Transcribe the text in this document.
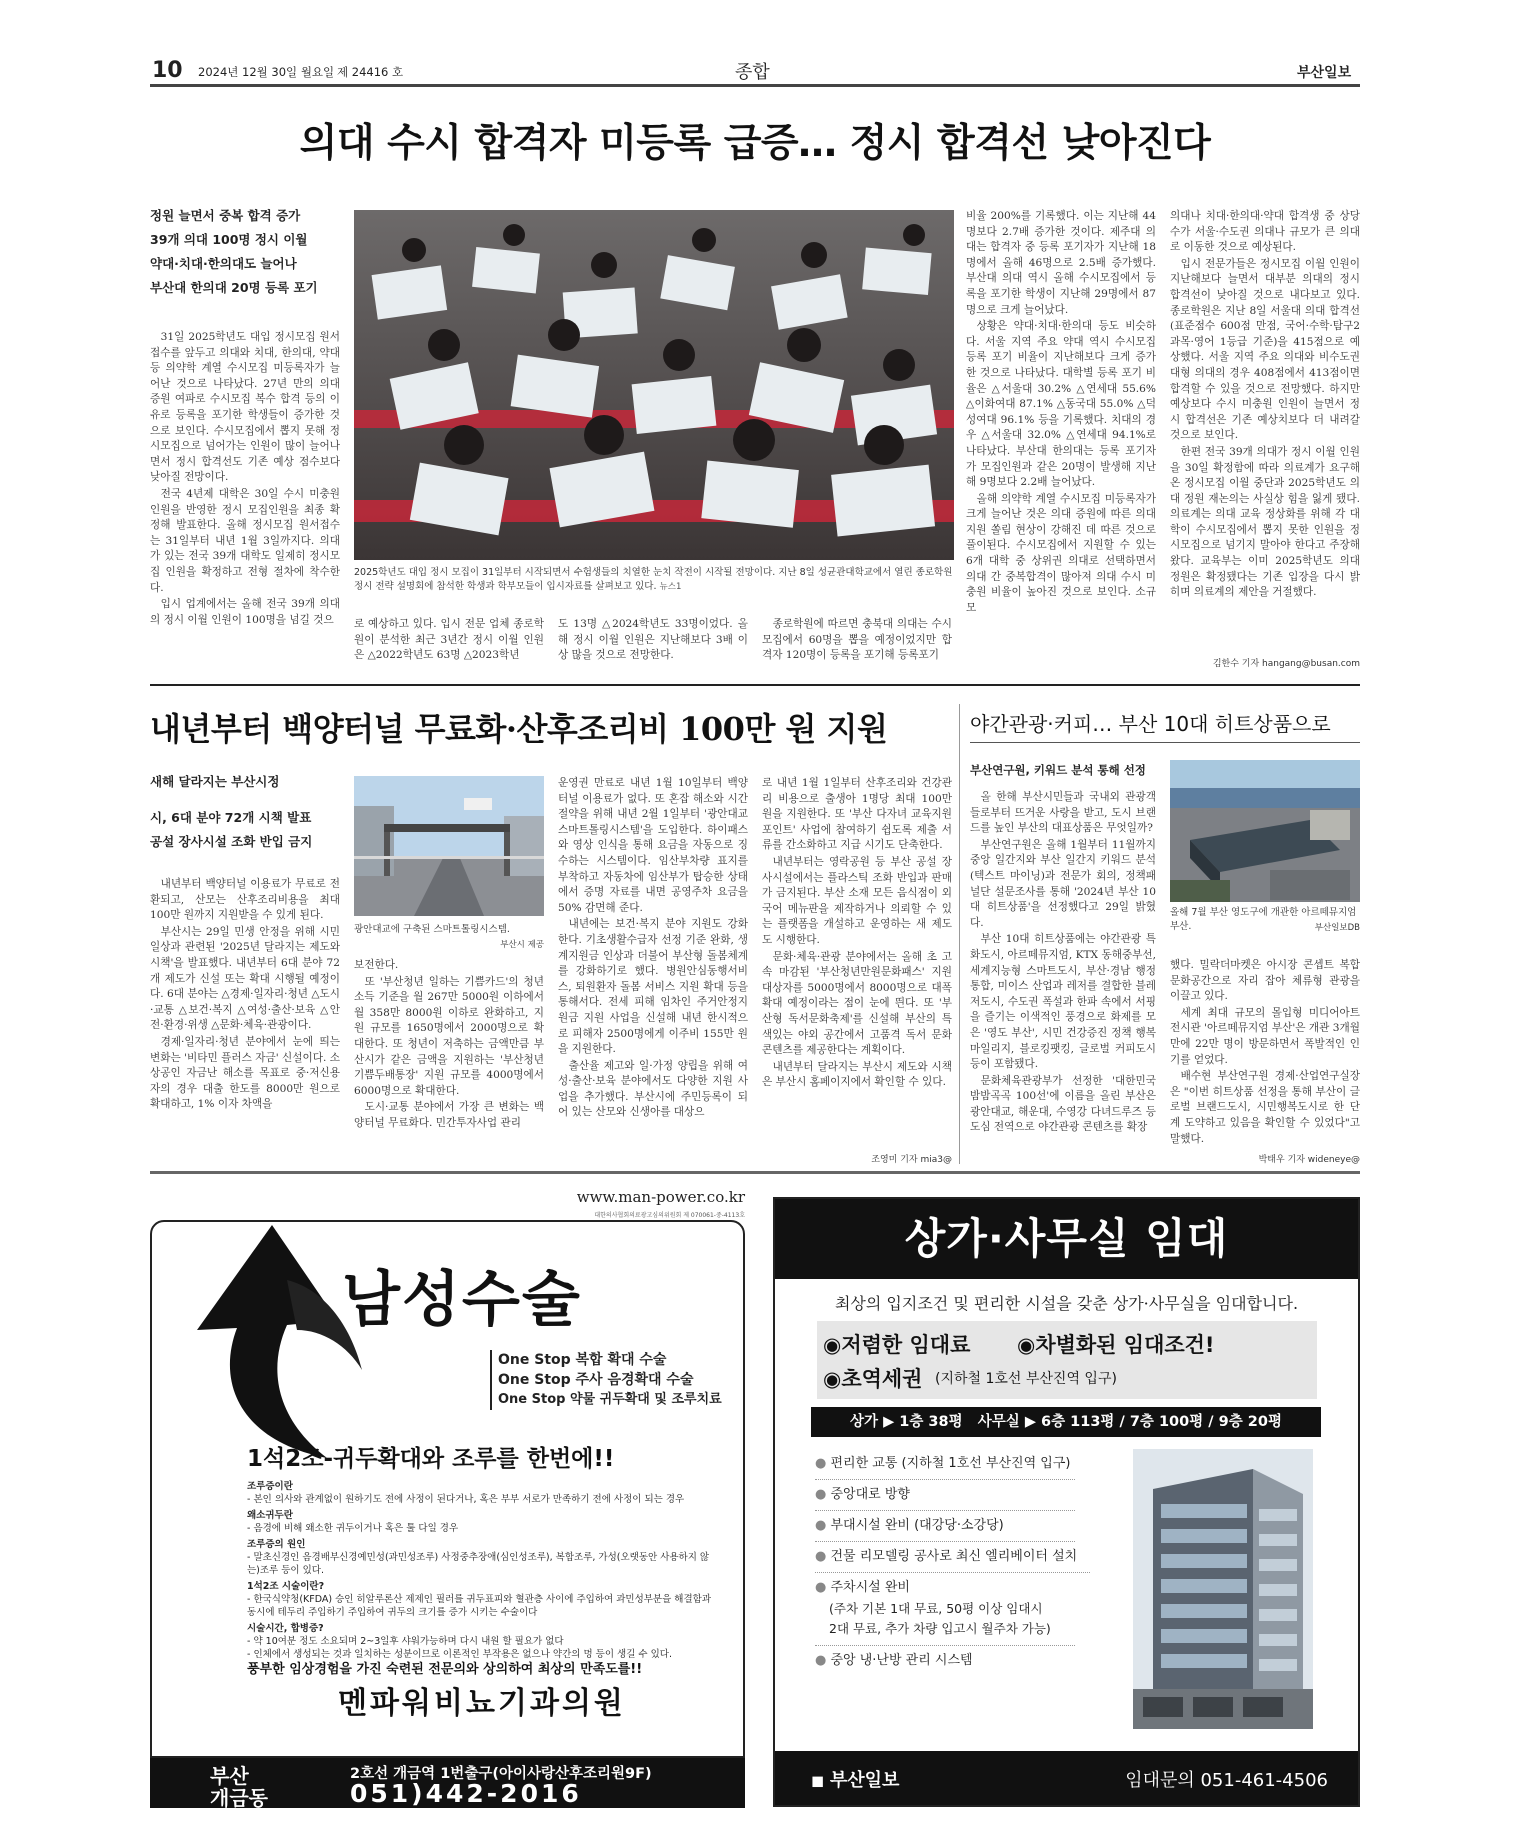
10 2024년 12월 30일 월요일 제 24416 호	종합	부산일보
의대 수시 합격자 미등록 급증… 정시 합격선 낮아진다
정원 늘면서 중복 합격 증가
39개 의대 100명 정시 이월
약대·치대·한의대도 늘어나
부산대 한의대 20명 등록 포기

31일 2025학년도 대입 정시모집 원서 접수를 앞두고 의대와 치대, 한의대, 약대 등 의약학 계열 수시모집 미등록자가 늘어난 것으로 나타났다. 27년 만의 의대 증원 여파로 수시모집 복수 합격 등의 이유로 등록을 포기한 학생들이 증가한 것으로 보인다. 수시모집에서 뽑지 못해 정시모집으로 넘어가는 인원이 많이 늘어나면서 정시 합격선도 기존 예상 점수보다 낮아질 전망이다.

전국 4년제 대학은 30일 수시 미충원 인원을 반영한 정시 모집인원을 최종 확정해 발표한다. 올해 정시모집 원서접수는 31일부터 내년 1월 3일까지다. 의대가 있는 전국 39개 대학도 일제히 정시모집 인원을 확정하고 전형 절차에 착수한다.

입시 업계에서는 올해 전국 39개 의대의 정시 이월 인원이 100명을 넘길 것으

2025학년도 대입 정시 모집이 31일부터 시작되면서 수험생들의 치열한 눈치 작전이 시작될 전망이다. 지난 8일 성균관대학교에서 열린 종로학원 정시 전략 설명회에 참석한 학생과 학부모들이 입시자료를 살펴보고 있다. 뉴스1

로 예상하고 있다. 입시 전문 업체 종로학원이 분석한 최근 3년간 정시 이월 인원은 △2022학년도 63명 △2023학년

도 13명 △2024학년도 33명이었다. 올해 정시 이월 인원은 지난해보다 3배 이상 많을 것으로 전망한다.

종로학원에 따르면 충북대 의대는 수시모집에서 60명을 뽑을 예정이었지만 합격자 120명이 등록을 포기해 등록포기

비율 200%를 기록했다. 이는 지난해 44명보다 2.7배 증가한 것이다. 제주대 의대는 합격자 중 등록 포기자가 지난해 18명에서 올해 46명으로 2.5배 증가했다. 부산대 의대 역시 올해 수시모집에서 등록을 포기한 학생이 지난해 29명에서 87명으로 크게 늘어났다.

상황은 약대·치대·한의대 등도 비슷하다. 서울 지역 주요 약대 역시 수시모집 등록 포기 비율이 지난해보다 크게 증가한 것으로 나타났다. 대학별 등록 포기 비율은 △서울대 30.2% △연세대 55.6% △이화여대 87.1% △동국대 55.0% △덕성여대 96.1% 등을 기록했다. 치대의 경우 △서울대 32.0% △연세대 94.1%로 나타났다. 부산대 한의대는 등록 포기자가 모집인원과 같은 20명이 발생해 지난해 9명보다 2.2배 늘어났다.

올해 의약학 계열 수시모집 미등록자가 크게 늘어난 것은 의대 증원에 따른 의대 지원 쏠림 현상이 강해진 데 따른 것으로 풀이된다. 수시모집에서 지원할 수 있는 6개 대학 중 상위권 의대로 선택하면서 의대 간 중복합격이 많아져 의대 수시 미충원 비율이 높아진 것으로 보인다. 소규모

의대나 치대·한의대·약대 합격생 중 상당수가 서울·수도권 의대나 규모가 큰 의대로 이동한 것으로 예상된다.

입시 전문가들은 정시모집 이월 인원이 지난해보다 늘면서 대부분 의대의 정시 합격선이 낮아질 것으로 내다보고 있다. 종로학원은 지난 8일 서울대 의대 합격선(표준점수 600점 만점, 국어·수학·탐구2과목·영어 1등급 기준)을 415점으로 예상했다. 서울 지역 주요 의대와 비수도권 대형 의대의 경우 408점에서 413점이면 합격할 수 있을 것으로 전망했다. 하지만 예상보다 수시 미충원 인원이 늘면서 정시 합격선은 기존 예상치보다 더 내려갈 것으로 보인다.

한편 전국 39개 의대가 정시 이월 인원을 30일 확정함에 따라 의료계가 요구해 온 정시모집 이월 중단과 2025학년도 의대 정원 재논의는 사실상 힘을 잃게 됐다. 의료계는 의대 교육 정상화를 위해 각 대학이 수시모집에서 뽑지 못한 인원을 정시모집으로 넘기지 말아야 한다고 주장해 왔다. 교육부는 이미 2025학년도 의대 정원은 확정됐다는 기존 입장을 다시 밝히며 의료계의 제안을 거절했다.

김한수 기자 hangang@busan.com
내년부터 백양터널 무료화·산후조리비 100만 원 지원
새해 달라지는 부산시정
시, 6대 분야 72개 시책 발표
공설 장사시설 조화 반입 금지

내년부터 백양터널 이용료가 무료로 전환되고, 산모는 산후조리비용을 최대 100만 원까지 지원받을 수 있게 된다.

부산시는 29일 민생 안정을 위해 시민 일상과 관련된 '2025년 달라지는 제도와 시책'을 발표했다. 내년부터 6대 분야 72개 제도가 신설 또는 확대 시행될 예정이다. 6대 분야는 △경제·일자리·청년 △도시·교통 △보건·복지 △여성·출산·보육 △안전·환경·위생 △문화·체육·관광이다.

경제·일자리·청년 분야에서 눈에 띄는 변화는 '비타민 플러스 자금' 신설이다. 소상공인 자금난 해소를 목표로 중·저신용자의 경우 대출 한도를 8000만 원으로 확대하고, 1% 이자 차액을

광안대교에 구축된 스마트톨링시스템.
부산시 제공

보전한다.

또 '부산청년 일하는 기쁨카드'의 청년 소득 기준을 월 267만 5000원 이하에서 월 358만 8000원 이하로 완화하고, 지원 규모를 1650명에서 2000명으로 확대한다. 또 청년이 저축하는 금액만큼 부산시가 같은 금액을 지원하는 '부산청년 기쁨두배통장' 지원 규모를 4000명에서 6000명으로 확대한다.

도시·교통 분야에서 가장 큰 변화는 백양터널 무료화다. 민간투자사업 관리

운영권 만료로 내년 1월 10일부터 백양터널 이용료가 없다. 또 혼잡 해소와 시간 절약을 위해 내년 2월 1일부터 '광안대교 스마트톨링시스템'을 도입한다. 하이패스와 영상 인식을 통해 요금을 자동으로 징수하는 시스템이다. 임산부차량 표지를 부착하고 자동차에 임산부가 탑승한 상태에서 증명 자료를 내면 공영주차 요금을 50% 감면해 준다.

내년에는 보건·복지 분야 지원도 강화한다. 기초생활수급자 선정 기준 완화, 생계지원금 인상과 더불어 부산형 돌봄체계를 강화하기로 했다. 병원안심동행서비스, 퇴원환자 돌봄 서비스 지원 확대 등을 통해서다. 전세 피해 임차인 주거안정지원금 지원 사업을 신설해 내년 한시적으로 피해자 2500명에게 이주비 155만 원을 지원한다.

출산율 제고와 일·가정 양립을 위해 여성·출산·보육 분야에서도 다양한 지원 사업을 추가했다. 부산시에 주민등록이 되어 있는 산모와 신생아를 대상으

로 내년 1월 1일부터 산후조리와 건강관리 비용으로 출생아 1명당 최대 100만 원을 지원한다. 또 '부산 다자녀 교육지원포인트' 사업에 참여하기 쉽도록 제출 서류를 간소화하고 지급 시기도 단축한다.

내년부터는 영락공원 등 부산 공설 장사시설에서는 플라스틱 조화 반입과 판매가 금지된다. 부산 소재 모든 음식점이 외국어 메뉴판을 제작하거나 의뢰할 수 있는 플랫폼을 개설하고 운영하는 새 제도도 시행한다.

문화·체육·관광 분야에서는 올해 초 고속 마감된 '부산청년만원문화패스' 지원 대상자를 5000명에서 8000명으로 대폭 확대 예정이라는 점이 눈에 띈다. 또 '부산형 독서문화축제'를 신설해 부산의 특색있는 야외 공간에서 고품격 독서 문화 콘텐츠를 제공한다는 계획이다.

내년부터 달라지는 부산시 제도와 시책은 부산시 홈페이지에서 확인할 수 있다.

조영미 기자 mia3@
야간관광·커피… 부산 10대 히트상품으로
부산연구원, 키워드 분석 통해 선정

올 한해 부산시민들과 국내외 관광객들로부터 뜨거운 사랑을 받고, 도시 브랜드를 높인 부산의 대표상품은 무엇일까?

부산연구원은 올해 1월부터 11월까지 중앙 일간지와 부산 일간지 키워드 분석(텍스트 마이닝)과 전문가 회의, 정책패널단 설문조사를 통해 '2024년 부산 10대 히트상품'을 선정했다고 29일 밝혔다.

부산 10대 히트상품에는 야간관광 특화도시, 아르떼뮤지엄, KTX 동해중부선, 세계지능형 스마트도시, 부산·경남 행정통합, 미이스 산업과 레저를 결합한 블레저도시, 수도권 폭설과 한파 속에서 서핑을 즐기는 이색적인 풍경으로 화제를 모은 '영도 부산', 시민 건강증진 정책 행복마일리지, 블로킹팻킹, 글로벌 커피도시 등이 포함됐다.

문화체육관광부가 선정한 '대한민국 밤밤곡곡 100선'에 이름을 올린 부산은 광안대교, 해운대, 수영강 다녀드루즈 등 도심 전역으로 야간관광 콘텐츠를 확장

올해 7월 부산 영도구에 개관한 아르떼뮤지엄 부산.	부산일보DB

했다. 밀락더마켓은 아시장 콘셉트 복합문화공간으로 자리 잡아 체류형 관광을 이끌고 있다.

세계 최대 규모의 몰입형 미디어아트 전시관 '아르떼뮤지엄 부산'은 개관 3개월 만에 22만 명이 방문하면서 폭발적인 인기를 얻었다.

배수현 부산연구원 경제·산업연구실장은 "이번 히트상품 선정을 통해 부산이 글로벌 브랜드도시, 시민행복도시로 한 단계 도약하고 있음을 확인할 수 있었다"고 말했다.

박태우 기자 wideneye@
www.man-power.co.kr
대한의사협회의료광고심의위원회 제 070061-중-4113호
남성수술
One Stop 복합 확대 수술
One Stop 주사 음경확대 수술
One Stop 약물 귀두확대 및 조루치료
1석2조-귀두확대와 조루를 한번에!!
조루증이란
- 본인 의사와 관계없이 원하기도 전에 사정이 된다거나, 혹은 부부 서로가 만족하기 전에 사정이 되는 경우
왜소귀두란
- 음경에 비해 왜소한 귀두이거나 혹은 툴 다일 경우
조루증의 원인
- 말초신경인 음경배부신경예민성(과민성조루) 사정중추장애(심인성조루), 복합조루, 가성(오랫동안 사용하지 않는)조루 등이 있다.
1석2조 시술이란?
- 한국식약청(KFDA) 승인 히알루론산 제제인 필러를 귀두표피와 혈관층 사이에 주입하여 과민성부분을 해결함과 동시에 테두리 주입하기 주입하여 귀두의 크기를 증가 시키는 수술이다
시술시간, 합병증?
- 약 10여분 정도 소요되며 2~3일후 샤워가능하며 다시 내원 할 필요가 없다
- 인체에서 생성되는 것과 일치하는 성분이므로 이론적인 부작용은 없으나 약간의 멍 등이 생길 수 있다.
풍부한 임상경험을 가진 숙련된 전문의와 상의하여 최상의 만족도를!!
멘파워비뇨기과의원
부산
개금동
2호선 개금역 1번출구(아이사랑산후조리원9F)
051)442-2016
상가·사무실 임대
최상의 입지조건 및 편리한 시설을 갖춘 상가·사무실을 임대합니다.
◉저렴한 임대료 ◉차별화된 임대조건!
◉초역세권 (지하철 1호선 부산진역 입구)
상가 ▶ 1층 38평   사무실 ▶ 6층 113평 / 7층 100평 / 9층 20평
● 편리한 교통 (지하철 1호선 부산진역 입구)
● 중앙대로 방향
● 부대시설 완비 (대강당·소강당)
● 건물 리모델링 공사로 최신 엘리베이터 설치
● 주차시설 완비
(주차 기본 1대 무료, 50평 이상 임대시
2대 무료, 추가 차량 입고시 월주차 가능)
● 중앙 냉·난방 관리 시스템
◼ 부산일보	임대문의 051-461-4506
